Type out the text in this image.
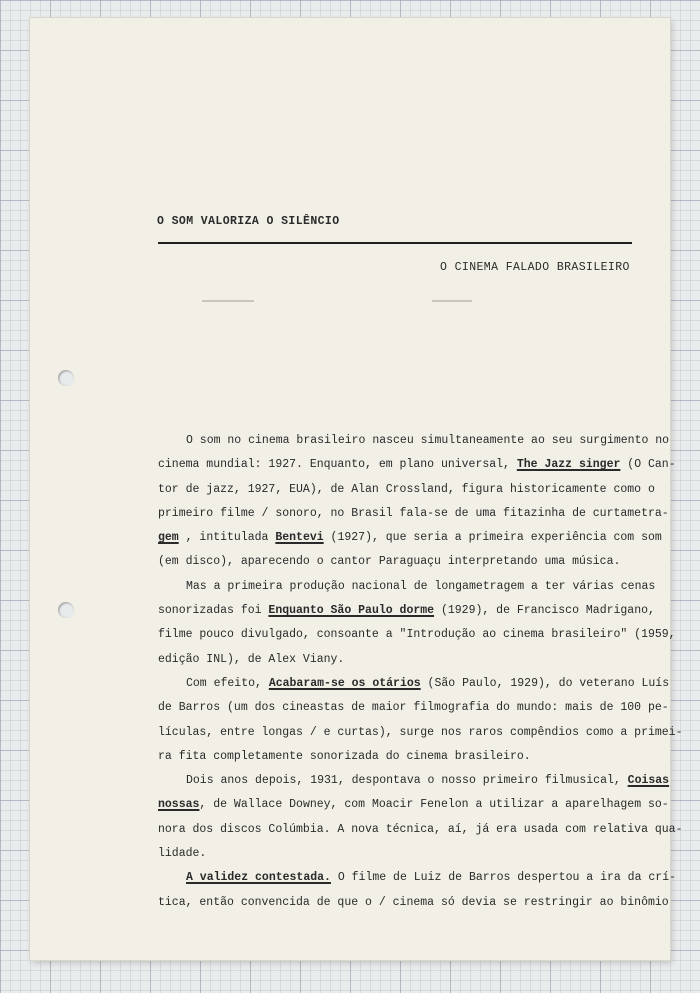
O SOM VALORIZA O SILÊNCIO
O CINEMA FALADO BRASILEIRO
O som no cinema brasileiro nasceu simultaneamente ao seu surgimento no
cinema mundial: 1927. Enquanto, em plano universal, The Jazz singer (O Can-
tor de jazz, 1927, EUA), de Alan Crossland, figura historicamente como o
primeiro filme / sonoro, no Brasil fala-se de uma fitazinha de curtametra-
gem , intitulada Bentevi (1927), que seria a primeira experiência com som
(em disco), aparecendo o cantor Paraguaçu interpretando uma música.
Mas a primeira produção nacional de longametragem a ter várias cenas
sonorizadas foi Enquanto São Paulo dorme (1929), de Francisco Madrigano,
filme pouco divulgado, consoante a "Introdução ao cinema brasileiro" (1959,
edição INL), de Alex Viany.
Com efeito, Acabaram-se os otários (São Paulo, 1929), do veterano Luís
de Barros (um dos cineastas de maior filmografia do mundo: mais de 100 pe-
lículas, entre longas / e curtas), surge nos raros compêndios como a primei-
ra fita completamente sonorizada do cinema brasileiro.
Dois anos depois, 1931, despontava o nosso primeiro filmusical, Coisas
nossas, de Wallace Downey, com Moacir Fenelon a utilizar a aparelhagem so-
nora dos discos Colúmbia. A nova técnica, aí, já era usada com relativa qua-
lidade.
A validez contestada. O filme de Luiz de Barros despertou a ira da crí-
tica, então convencida de que o / cinema só devia se restringir ao binômio
